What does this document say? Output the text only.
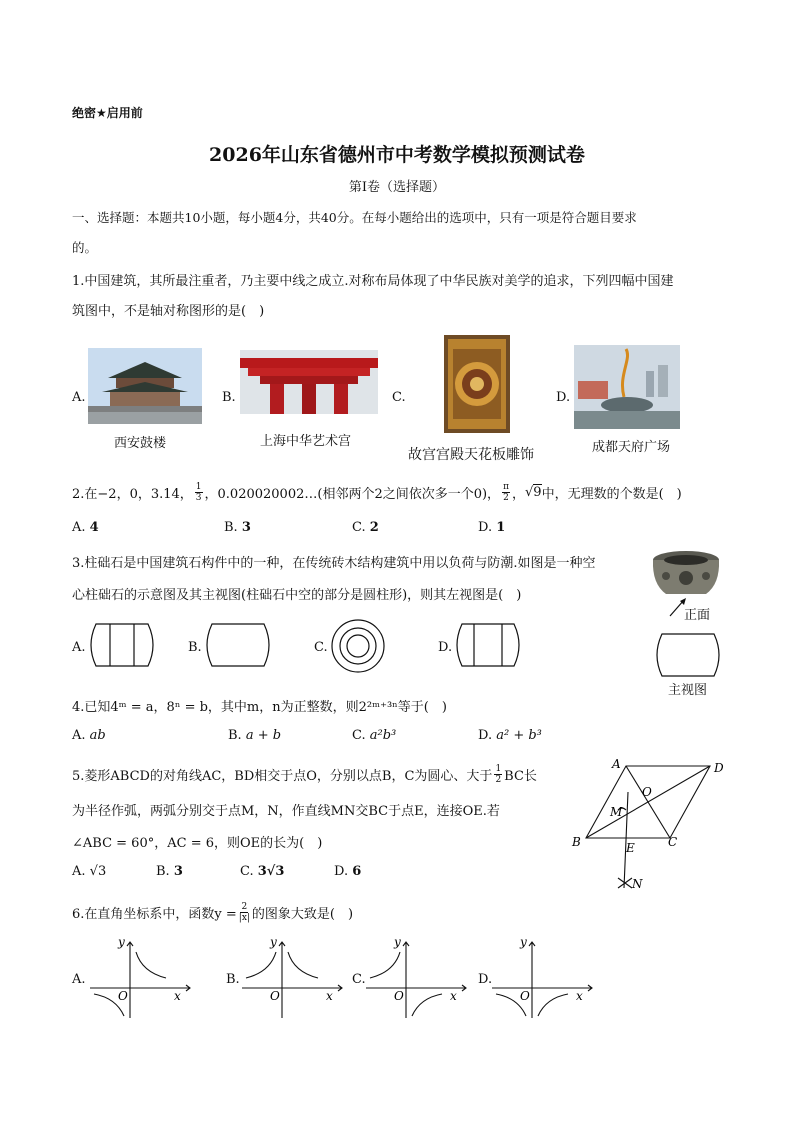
绝密★启用前
2026年山东省德州市中考数学模拟预测试卷
第I卷（选择题）
一、选择题：本题共10小题，每小题4分，共40分。在每小题给出的选项中，只有一项是符合题目要求
的。
1.中国建筑，其所最注重者，乃主要中线之成立.对称布局体现了中华民族对美学的追求，下列四幅中国建
筑图中，不是轴对称图形的是(　)
A.
西安鼓楼
B.
上海中华艺术宫
C.
故宫宫殿天花板雕饰
D.
成都天府广场
2.在−2，0，3.14， $\frac{1}{3}$ ，0.020020002…(相邻两个2之间依次多一个0)， $\frac{\pi}{2}$ ， √9 中，无理数的个数是(　)
A. 4	B. 3	C. 2	D. 1
3.柱础石是中国建筑石构件中的一种，在传统砖木结构建筑中用以负荷与防潮.如图是一种空
心柱础石的示意图及其主视图(柱础石中空的部分是圆柱形)，则其左视图是(　)
A.	B.	C.	D.
正面
主视图
4.已知4ᵐ = a，8ⁿ = b，其中m，n为正整数，则2²ᵐ⁺³ⁿ等于(　)
A. ab	B. a + b	C. a²b³	D. a² + b³
5.菱形ABCD的对角线AC，BD相交于点O，分别以点B，C为圆心、大于 $\frac{1}{2}$ BC长
为半径作弧，两弧分别交于点M，N，作直线MN交BC于点E，连接OE.若
∠ABC = 60°，AC = 6，则OE的长为(　)
A. √3	B. 3	C. 3√3	D. 6
A	D
B	C
O
M
E
N
6.在直角坐标系中，函数$y = \frac{2}{|x|}$ 的图象大致是(　)
A.
y
x
O
B.
y
x
O
C.
y
x
O
D.
y
x
O
